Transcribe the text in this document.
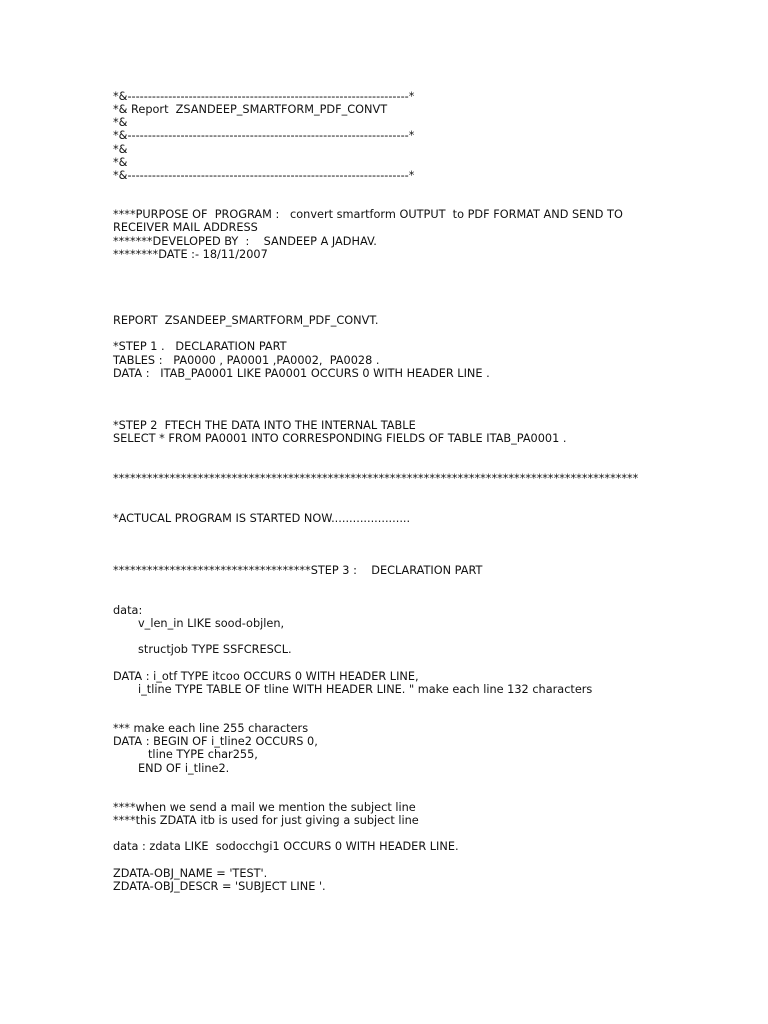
*&---------------------------------------------------------------------*

*& Report  ZSANDEEP_SMARTFORM_PDF_CONVT

*&

*&---------------------------------------------------------------------*

*&

*&

*&---------------------------------------------------------------------*

****PURPOSE OF  PROGRAM :   convert smartform OUTPUT  to PDF FORMAT AND SEND TO

RECEIVER MAIL ADDRESS

*******DEVELOPED BY  :    SANDEEP A JADHAV.

********DATE :- 18/11/2007

REPORT  ZSANDEEP_SMARTFORM_PDF_CONVT.

*STEP 1 .   DECLARATION PART

TABLES :   PA0000 , PA0001 ,PA0002,  PA0028 .

DATA :   ITAB_PA0001 LIKE PA0001 OCCURS 0 WITH HEADER LINE .

*STEP 2  FTECH THE DATA INTO THE INTERNAL TABLE

SELECT * FROM PA0001 INTO CORRESPONDING FIELDS OF TABLE ITAB_PA0001 .

*********************************************************************************************

*ACTUCAL PROGRAM IS STARTED NOW......................

***********************************STEP 3 :    DECLARATION PART

data:

v_len_in LIKE sood-objlen,

structjob TYPE SSFCRESCL.

DATA : i_otf TYPE itcoo OCCURS 0 WITH HEADER LINE,

i_tline TYPE TABLE OF tline WITH HEADER LINE. " make each line 132 characters

*** make each line 255 characters

DATA : BEGIN OF i_tline2 OCCURS 0,

tline TYPE char255,

END OF i_tline2.

****when we send a mail we mention the subject line

****this ZDATA itb is used for just giving a subject line

data : zdata LIKE  sodocchgi1 OCCURS 0 WITH HEADER LINE.

ZDATA-OBJ_NAME = 'TEST'.

ZDATA-OBJ_DESCR = 'SUBJECT LINE '.
